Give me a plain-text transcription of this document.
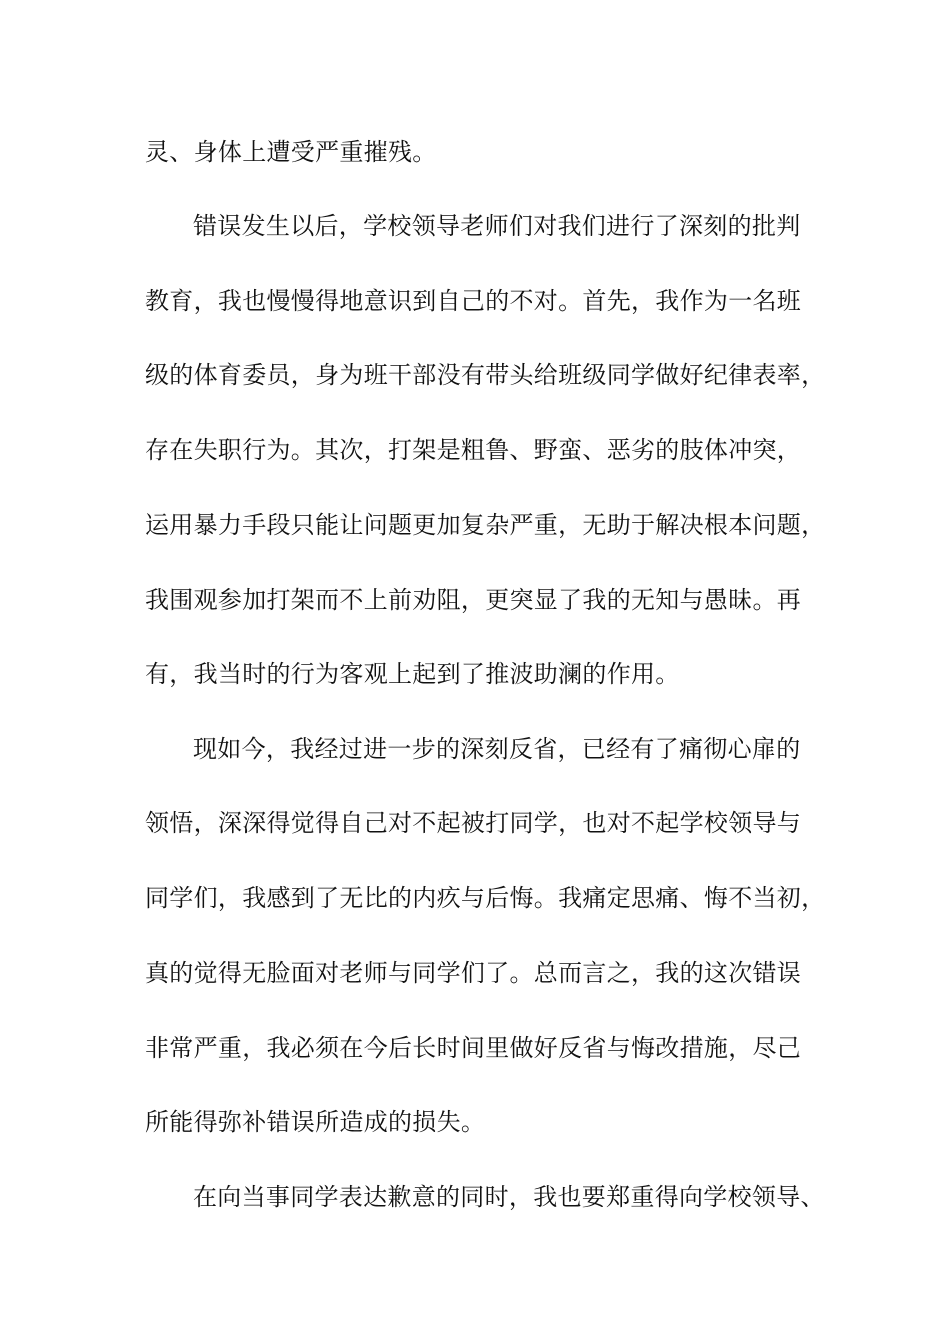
灵、身体上遭受严重摧残。
错误发生以后，学校领导老师们对我们进行了深刻的批判
教育，我也慢慢得地意识到自己的不对。首先，我作为一名班
级的体育委员，身为班干部没有带头给班级同学做好纪律表率，
存在失职行为。其次，打架是粗鲁、野蛮、恶劣的肢体冲突，
运用暴力手段只能让问题更加复杂严重，无助于解决根本问题，
我围观参加打架而不上前劝阻，更突显了我的无知与愚昧。再
有，我当时的行为客观上起到了推波助澜的作用。
现如今，我经过进一步的深刻反省，已经有了痛彻心扉的
领悟，深深得觉得自己对不起被打同学，也对不起学校领导与
同学们，我感到了无比的内疚与后悔。我痛定思痛、悔不当初，
真的觉得无脸面对老师与同学们了。总而言之，我的这次错误
非常严重，我必须在今后长时间里做好反省与悔改措施，尽己
所能得弥补错误所造成的损失。
在向当事同学表达歉意的同时，我也要郑重得向学校领导、
